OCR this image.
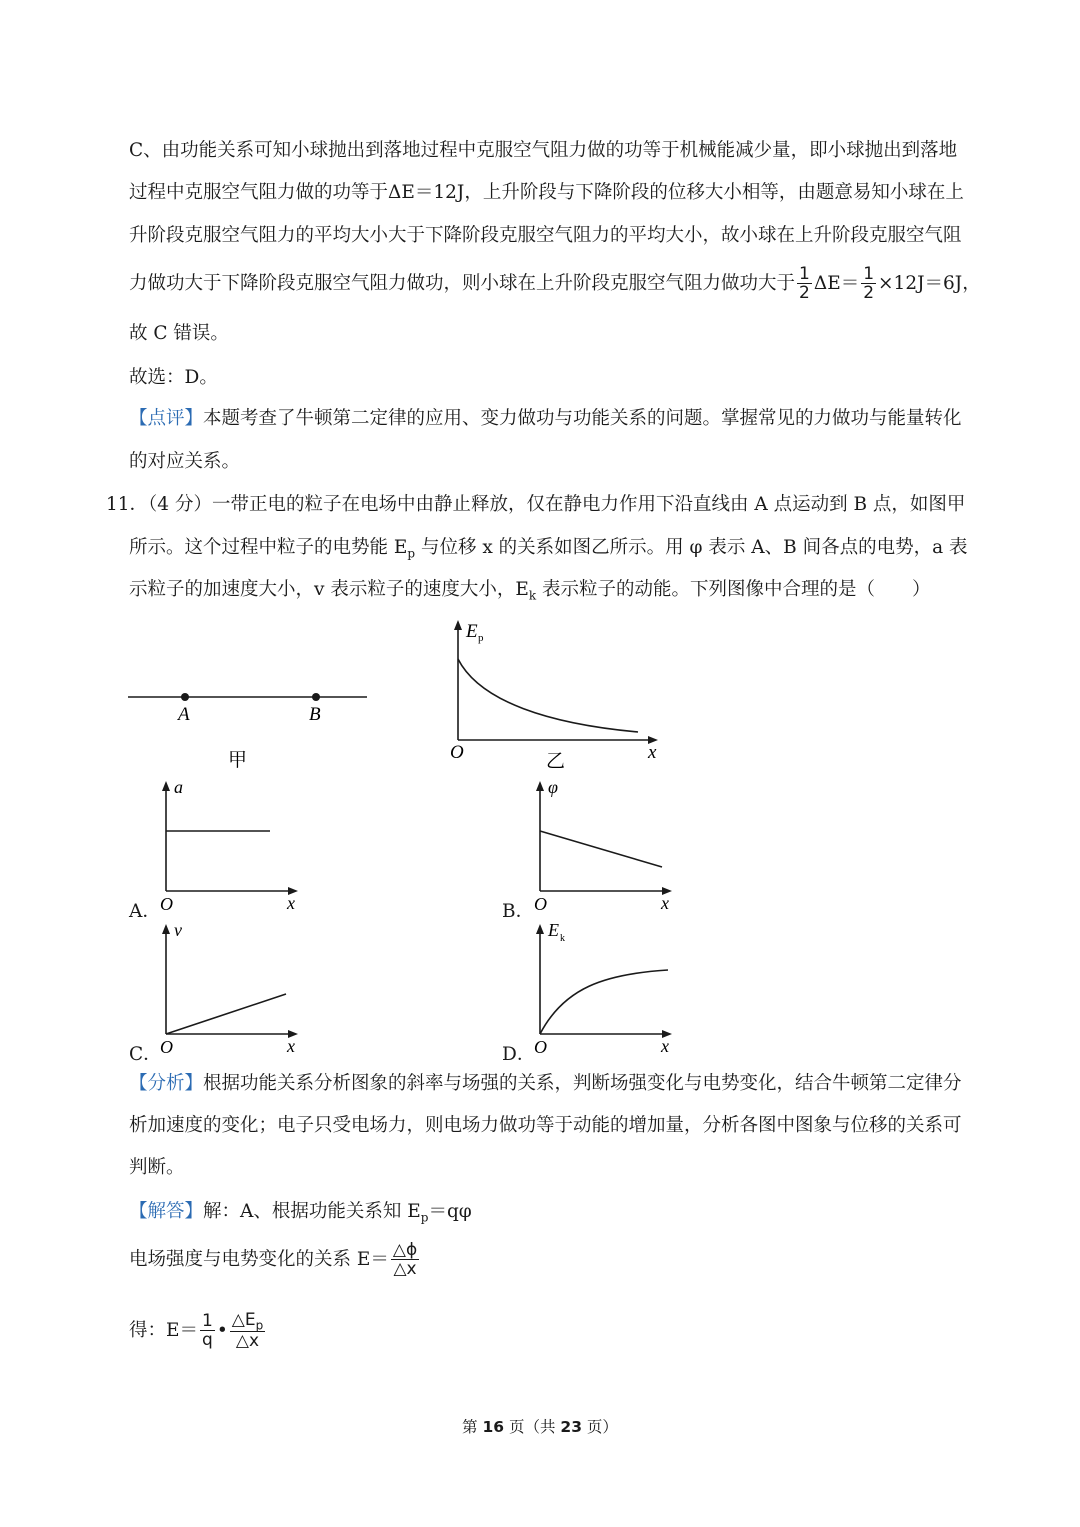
C、由功能关系可知小球抛出到落地过程中克服空气阻力做的功等于机械能减少量，即小球抛出到落地
过程中克服空气阻力做的功等于ΔE＝12J，上升阶段与下降阶段的位移大小相等，由题意易知小球在上
升阶段克服空气阻力的平均大小大于下降阶段克服空气阻力的平均大小，故小球在上升阶段克服空气阻
力做功大于下降阶段克服空气阻力做功，则小球在上升阶段克服空气阻力做功大于 $\frac{1}{2} \Delta E= \frac{1}{2} \times 12J=6J$，
故 C 错误。
故选：D。
【点评】本题考查了牛顿第二定律的应用、变力做功与功能关系的问题。掌握常见的力做功与能量转化
的对应关系。
11．（4 分）一带正电的粒子在电场中由静止释放，仅在静电力作用下沿直线由 A 点运动到 B 点，如图甲
所示。这个过程中粒子的电势能 $E_p$ 与位移 x 的关系如图乙所示。用 φ 表示 A、B 间各点的电势，a 表
示粒子的加速度大小，v 表示粒子的速度大小，$E_k$ 表示粒子的动能。下列图像中合理的是（　　）
A	B
甲
E p
O	x
乙
A．
a
O	x	B．
φ
O	x
C．
v
O	x	D．
E k
O	x
【分析】根据功能关系分析图象的斜率与场强的关系，判断场强变化与电势变化，结合牛顿第二定律分
析加速度的变化；电子只受电场力，则电场力做功等于动能的增加量，分析各图中图象与位移的关系可
判断。
【解答】解：A、根据功能关系知 $E_p=q\varphi$
电场强度与电势变化的关系 $E= \frac{\triangle\phi}{\triangle x}$
得：$E= \frac{1}{q}$ • $\frac{\triangle E_p}{\triangle x}$
第 16 页（共 23 页）
